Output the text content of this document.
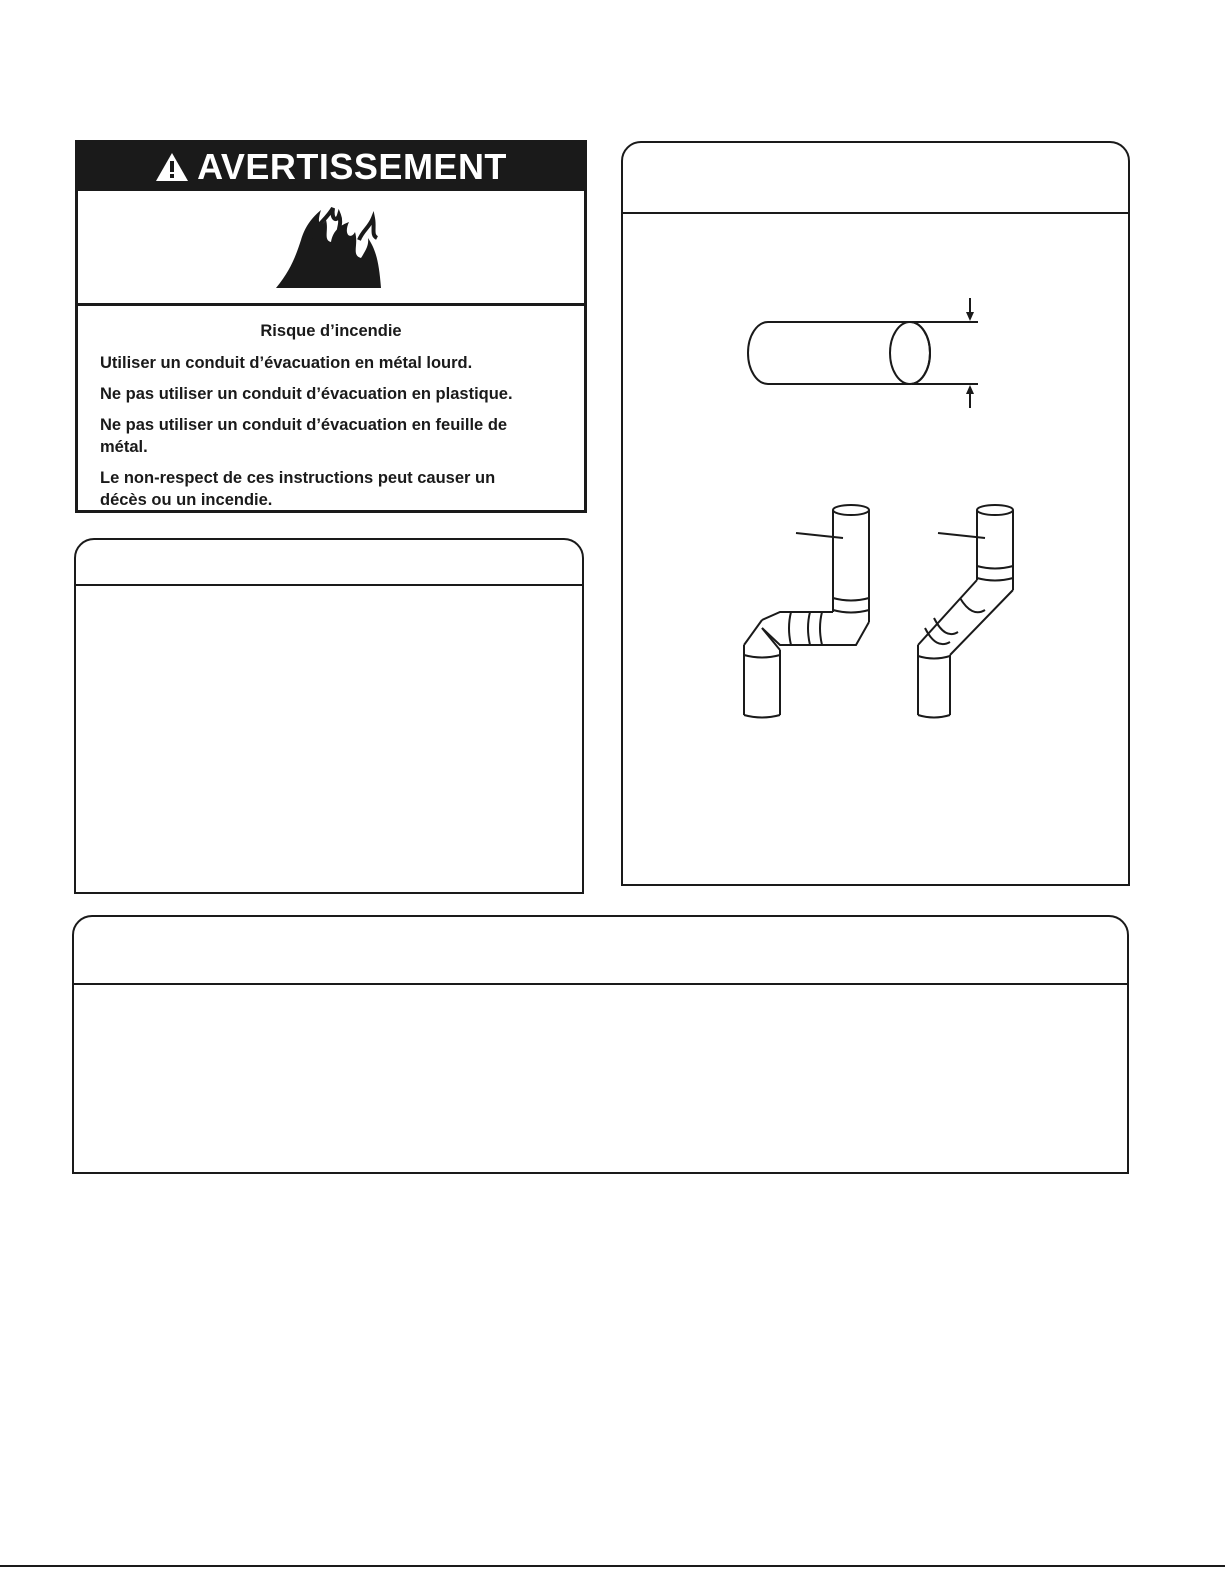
AVERTISSEMENT

Risque d’incendie

Utiliser un conduit d’évacuation en métal lourd.

Ne pas utiliser un conduit d’évacuation en plastique.

Ne pas utiliser un conduit d’évacuation en feuille de métal.

Le non-respect de ces instructions peut causer un décès ou un incendie.
